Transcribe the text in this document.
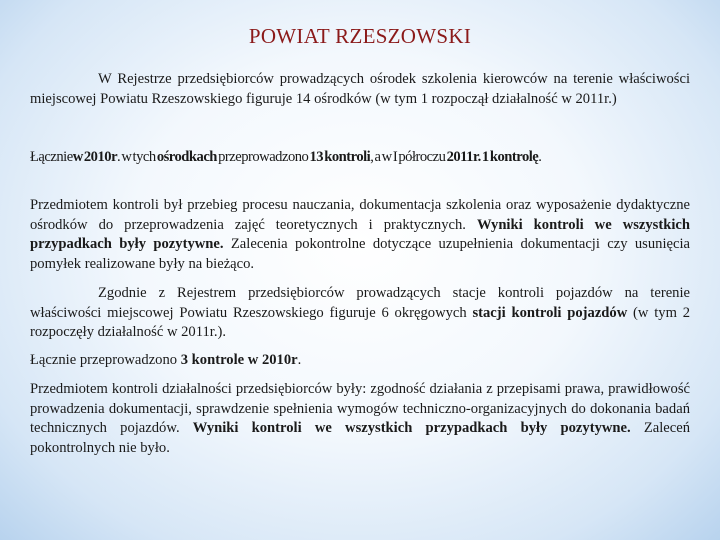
POWIAT RZESZOWSKI

W Rejestrze przedsiębiorców prowadzących ośrodek szkolenia kierowców na terenie właściwości miejscowej Powiatu Rzeszowskiego figuruje 14 ośrodków (w tym 1 rozpoczął działalność w 2011r.)

Łączniew 2010r. w tych ośrodkach przeprowadzono 13 kontroli, a w I półroczu 2011r. 1 kontrolę.

Przedmiotem kontroli był przebieg procesu nauczania, dokumentacja szkolenia oraz wyposażenie dydaktyczne ośrodków do przeprowadzenia zajęć teoretycznych i praktycznych. Wyniki kontroli we wszystkich przypadkach były pozytywne. Zalecenia pokontrolne dotyczące uzupełnienia dokumentacji czy usunięcia pomyłek realizowane były na bieżąco.

Zgodnie z Rejestrem przedsiębiorców prowadzących stacje kontroli pojazdów na terenie właściwości miejscowej Powiatu Rzeszowskiego figuruje 6 okręgowych stacji kontroli pojazdów (w tym 2 rozpoczęły działalność w 2011r.).

Łącznie przeprowadzono 3 kontrole w 2010r.

Przedmiotem kontroli działalności przedsiębiorców były: zgodność działania z przepisami prawa, prawidłowość prowadzenia dokumentacji, sprawdzenie spełnienia wymogów techniczno-organizacyjnych do dokonania badań technicznych pojazdów. Wyniki kontroli we wszystkich przypadkach były pozytywne. Zaleceń pokontrolnych nie było.
